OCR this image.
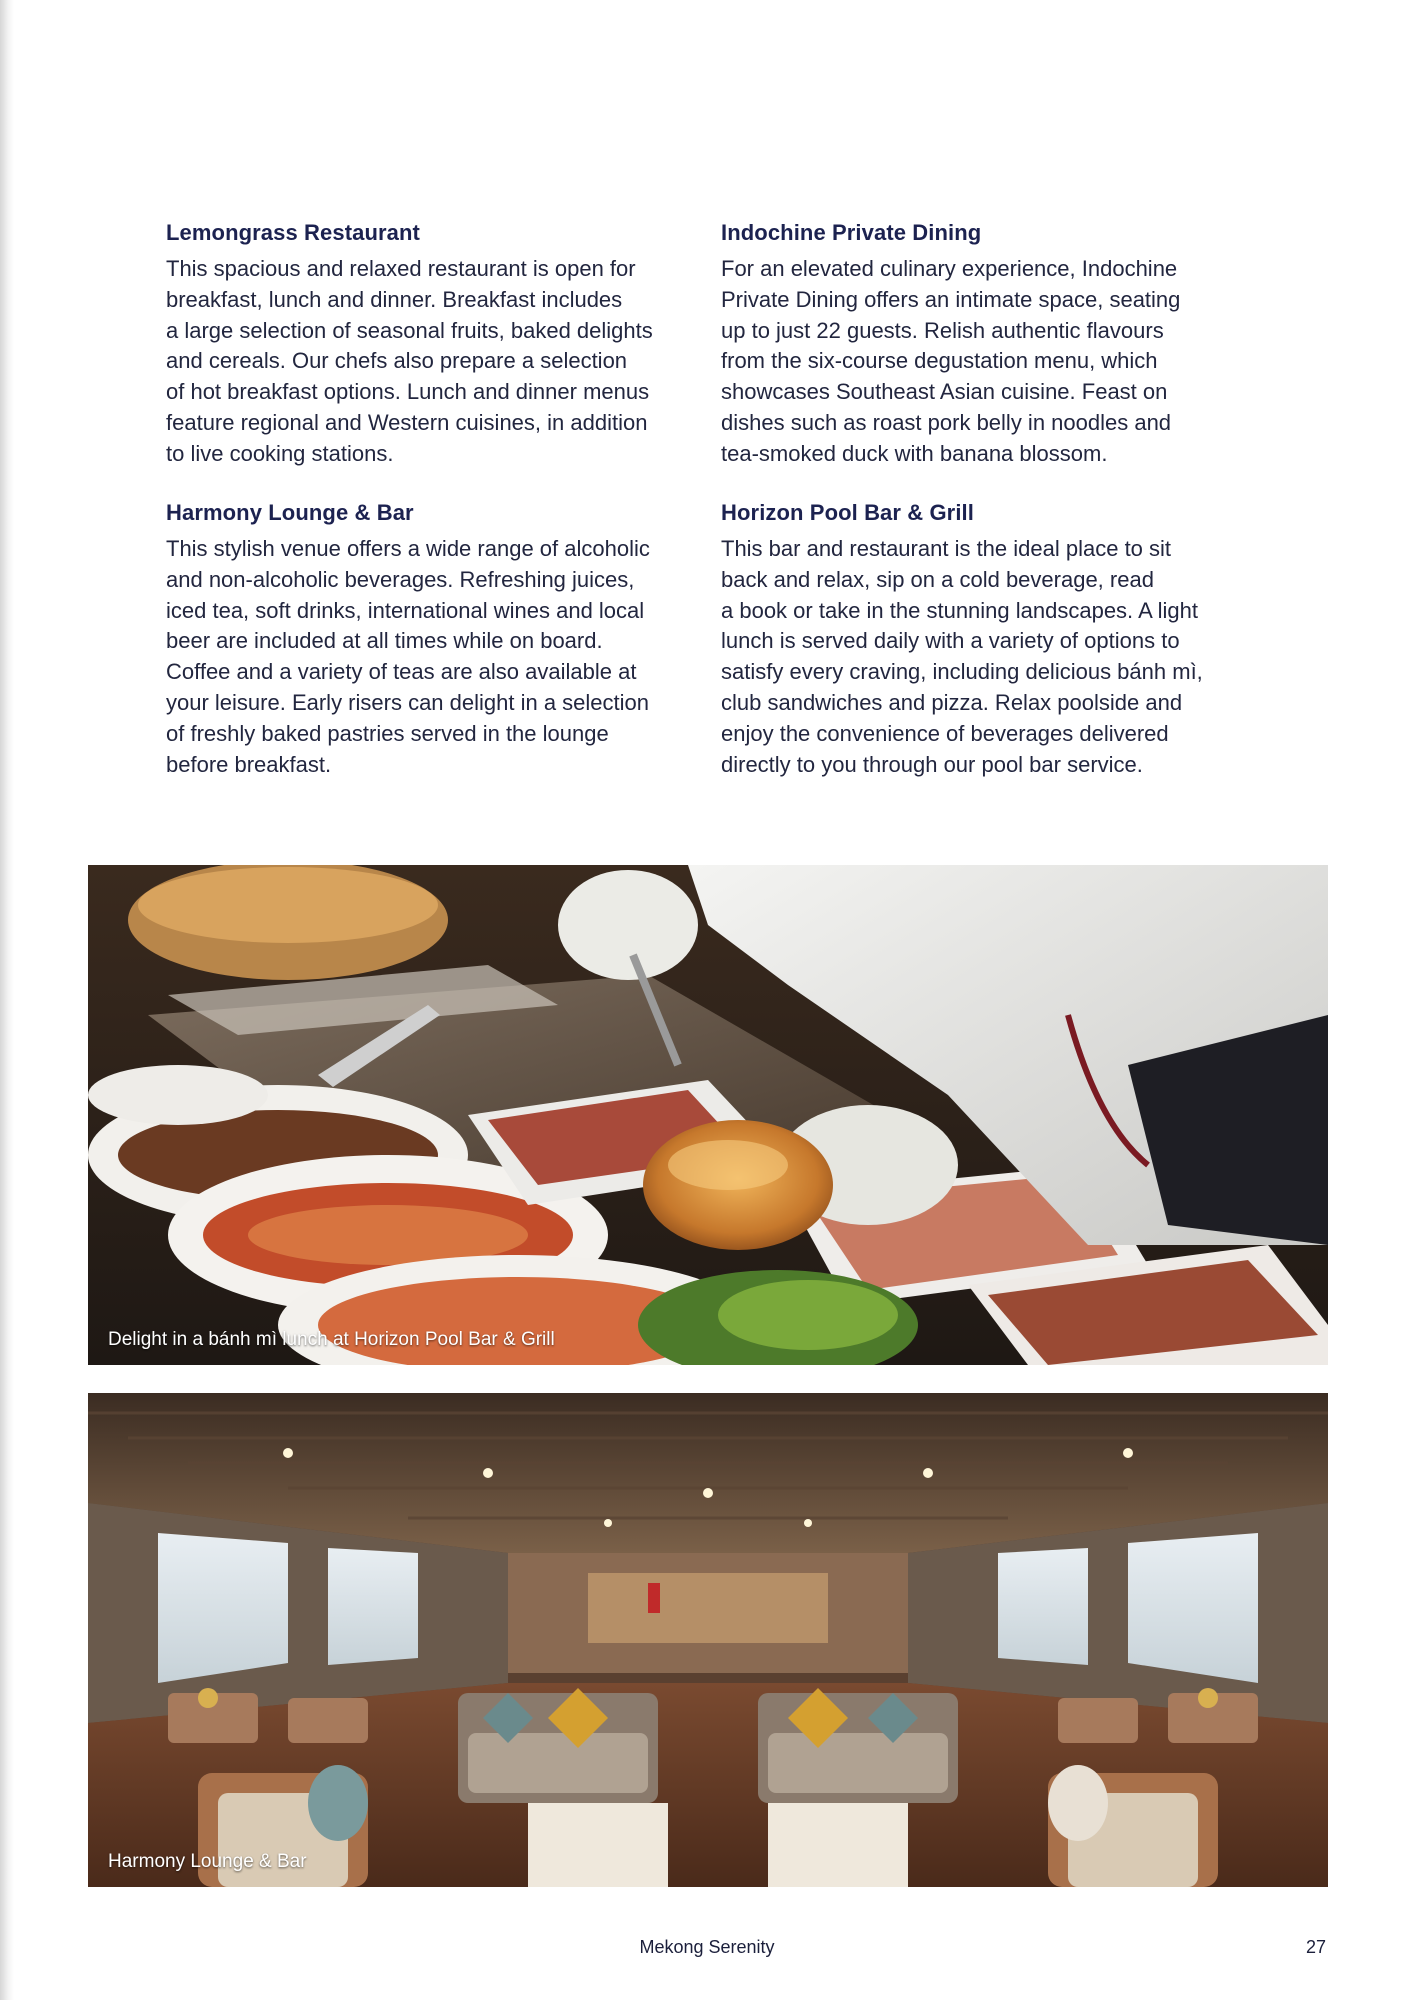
Lemongrass Restaurant

This spacious and relaxed restaurant is open for
breakfast, lunch and dinner. Breakfast includes
a large selection of seasonal fruits, baked delights
and cereals. Our chefs also prepare a selection
of hot breakfast options. Lunch and dinner menus
feature regional and Western cuisines, in addition
to live cooking stations.

Indochine Private Dining

For an elevated culinary experience, Indochine
Private Dining offers an intimate space, seating
up to just 22 guests. Relish authentic flavours
from the six-course degustation menu, which
showcases Southeast Asian cuisine. Feast on
dishes such as roast pork belly in noodles and
tea-smoked duck with banana blossom.

Harmony Lounge & Bar

This stylish venue offers a wide range of alcoholic
and non-alcoholic beverages. Refreshing juices,
iced tea, soft drinks, international wines and local
beer are included at all times while on board.
Coffee and a variety of teas are also available at
your leisure. Early risers can delight in a selection
of freshly baked pastries served in the lounge
before breakfast.

Horizon Pool Bar & Grill

This bar and restaurant is the ideal place to sit
back and relax, sip on a cold beverage, read
a book or take in the stunning landscapes. A light
lunch is served daily with a variety of options to
satisfy every craving, including delicious bánh mì,
club sandwiches and pizza. Relax poolside and
enjoy the convenience of beverages delivered
directly to you through our pool bar service.

Delight in a bánh mì lunch at Horizon Pool Bar & Grill
Harmony Lounge & Bar
Mekong Serenity	27
